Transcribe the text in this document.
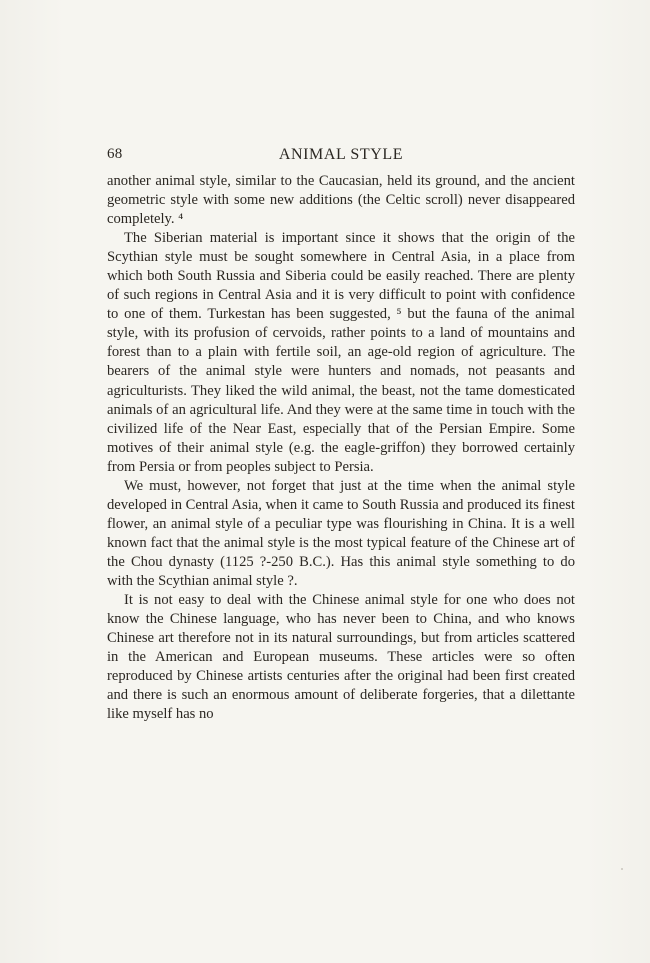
68	ANIMAL STYLE

another animal style, similar to the Caucasian, held its ground, and the ancient geometric style with some new additions (the Celtic scroll) never disappeared completely. ⁴

The Siberian material is important since it shows that the origin of the Scythian style must be sought somewhere in Central Asia, in a place from which both South Russia and Siberia could be easily reached. There are plenty of such regions in Central Asia and it is very difficult to point with confidence to one of them. Turkestan has been suggested, ⁵ but the fauna of the animal style, with its profusion of cervoids, rather points to a land of mountains and forest than to a plain with fertile soil, an age-old region of agriculture. The bearers of the animal style were hunters and nomads, not peasants and agriculturists. They liked the wild animal, the beast, not the tame domesticated animals of an agricultural life. And they were at the same time in touch with the civilized life of the Near East, especially that of the Persian Empire. Some motives of their animal style (e.g. the eagle-griffon) they borrowed certainly from Persia or from peoples subject to Persia.

We must, however, not forget that just at the time when the animal style developed in Central Asia, when it came to South Russia and produced its finest flower, an animal style of a peculiar type was flourishing in China. It is a well known fact that the animal style is the most typical feature of the Chinese art of the Chou dynasty (1125 ?-250 B.C.). Has this animal style something to do with the Scythian animal style ?.

It is not easy to deal with the Chinese animal style for one who does not know the Chinese language, who has never been to China, and who knows Chinese art therefore not in its natural surroundings, but from articles scattered in the American and European museums. These articles were so often reproduced by Chinese artists centuries after the original had been first created and there is such an enormous amount of deliberate forgeries, that a dilettante like myself has no
